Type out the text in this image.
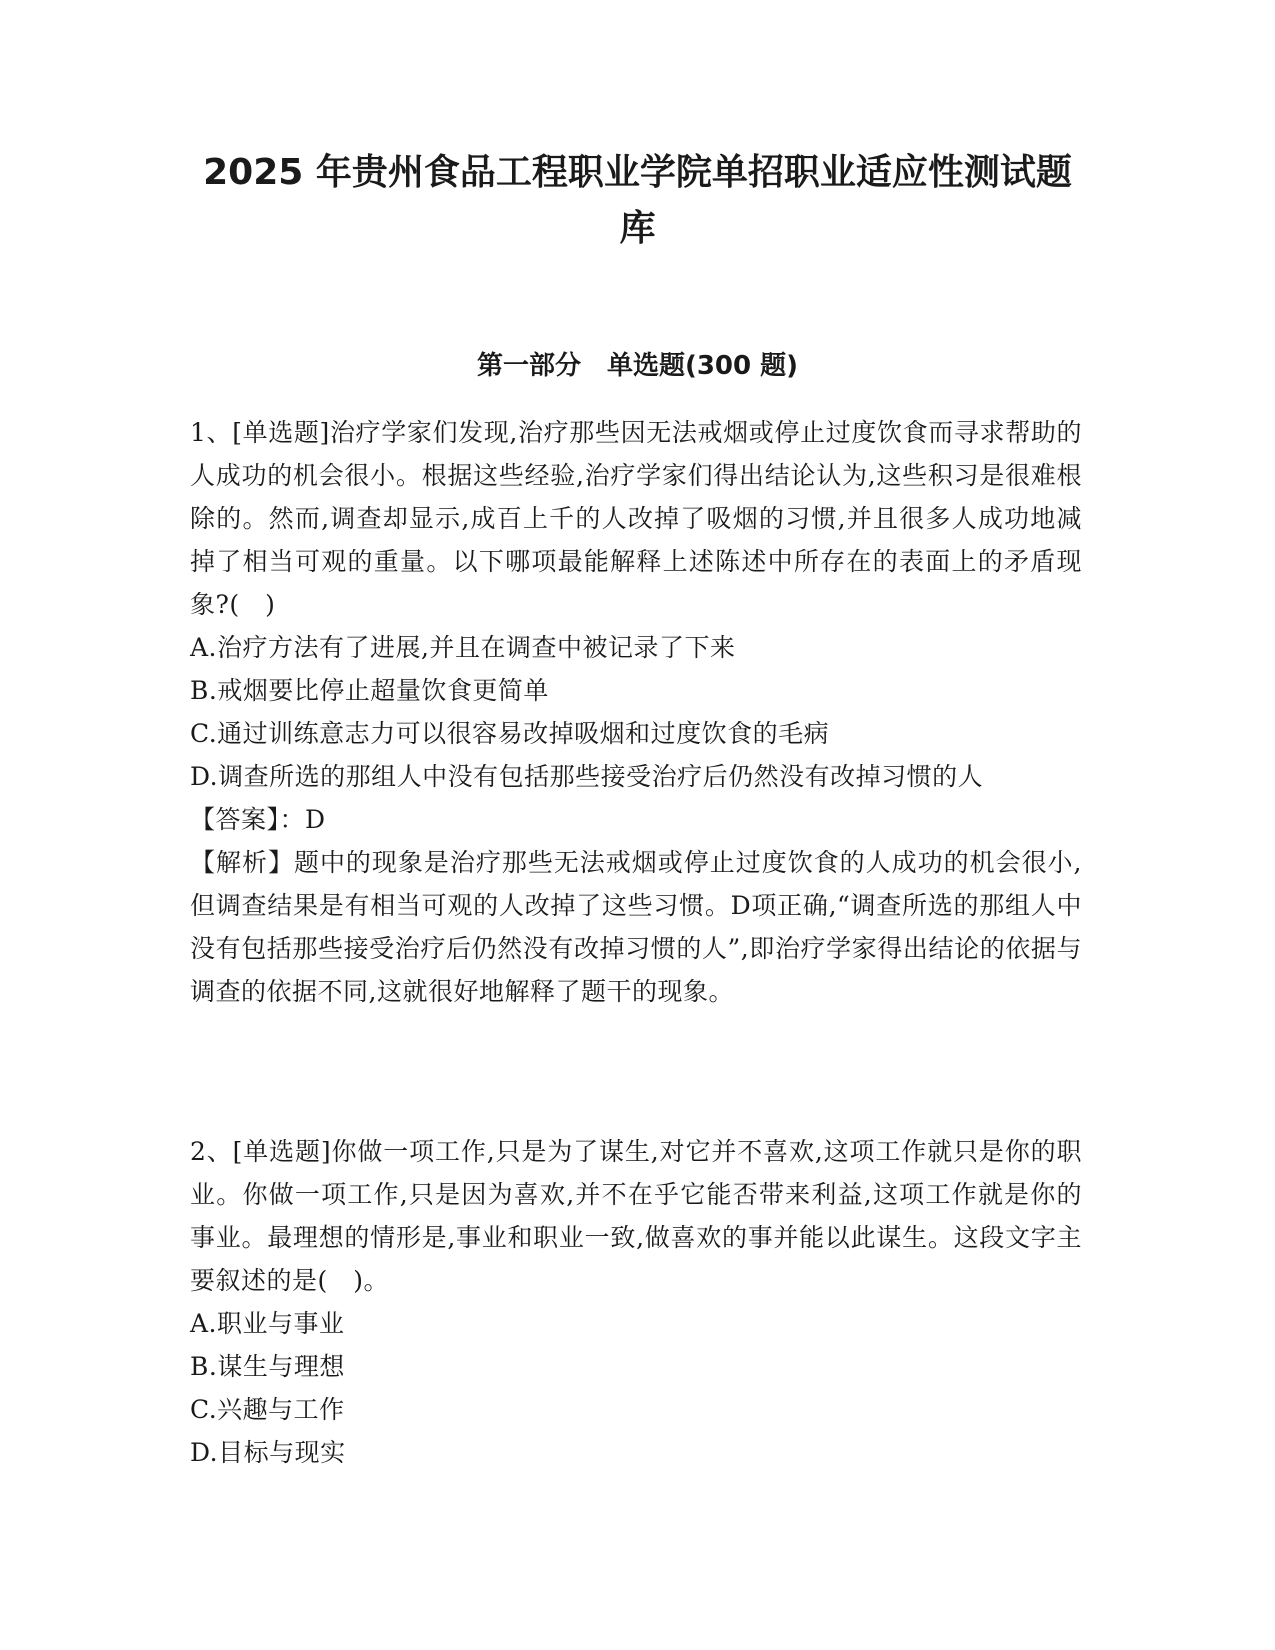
2025 年贵州食品工程职业学院单招职业适应性测试题
库
第一部分　单选题(300 题)

1、[单选题]治疗学家们发现,治疗那些因无法戒烟或停止过度饮食而寻求帮助的人成功的机会很小。根据这些经验,治疗学家们得出结论认为,这些积习是很难根除的。然而,调查却显示,成百上千的人改掉了吸烟的习惯,并且很多人成功地减掉了相当可观的重量。以下哪项最能解释上述陈述中所存在的表面上的矛盾现象?(　)

A.治疗方法有了进展,并且在调查中被记录了下来

B.戒烟要比停止超量饮食更简单

C.通过训练意志力可以很容易改掉吸烟和过度饮食的毛病

D.调查所选的那组人中没有包括那些接受治疗后仍然没有改掉习惯的人

【答案】：D

【解析】题中的现象是治疗那些无法戒烟或停止过度饮食的人成功的机会很小,但调查结果是有相当可观的人改掉了这些习惯。D项正确,“调查所选的那组人中没有包括那些接受治疗后仍然没有改掉习惯的人”,即治疗学家得出结论的依据与调查的依据不同,这就很好地解释了题干的现象。

2、[单选题]你做一项工作,只是为了谋生,对它并不喜欢,这项工作就只是你的职业。你做一项工作,只是因为喜欢,并不在乎它能否带来利益,这项工作就是你的事业。最理想的情形是,事业和职业一致,做喜欢的事并能以此谋生。这段文字主要叙述的是(　)。

A.职业与事业

B.谋生与理想

C.兴趣与工作

D.目标与现实
